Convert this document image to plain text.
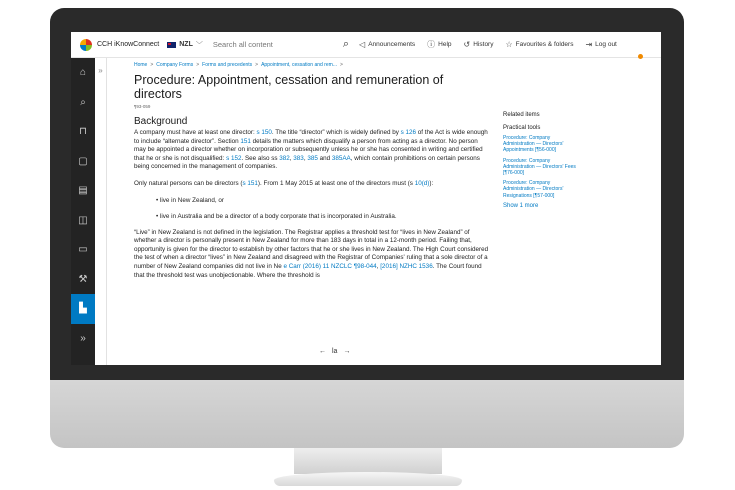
CCH iKnowConnect	NZL ﹀ Search all content	⌕ ◁ Announcements ⓘ Help ↺ History ☆ Favourites & folders ⇥ Log out
⌂
⌕
⊓
▢
▤
◫
▭
⚒
▙
»
»
Home > Company Forms > Forms and precedents > Appointment, cessation and rem... >
Procedure: Appointment, cessation and remuneration of directors
¶93-059
Background

A company must have at least one director: s 150. The title “director” which is widely defined by s 126 of the Act is wide enough to include “alternate director”. Section 151 details the matters which disqualify a person from acting as a director. No person may be appointed a director whether on incorporation or subsequently unless he or she has consented in writing and certified that he or she is not disqualified: s 152. See also ss 382, 383, 385 and 385AA, which contain prohibitions on certain persons being concerned in the management of companies.

Only natural persons can be directors (s 151). From 1 May 2015 at least one of the directors must (s 10(d)):

• live in New Zealand, or
• live in Australia and be a director of a body corporate that is incorporated in Australia.

“Live” in New Zealand is not defined in the legislation. The Registrar applies a threshold test for “lives in New Zealand” of whether a director is personally present in New Zealand for more than 183 days in total in a 12-month period. Failing that, opportunity is given for the director to establish by other factors that he or she lives in New Zealand. The High Court considered the test of when a director “lives” in New Zealand and disagreed with the Registrar of Companies' ruling that a sole director of a number of New Zealand companies did not live in Ne e Carr (2016) 11 NZCLC ¶98-044, [2016] NZHC 1536. The Court found that the threshold test was unobjectionable. Where the threshold is

← la →
Related items
Practical tools
Procedure: Company Administration — Directors' Appointments [¶56-000]
Procedure: Company Administration — Directors' Fees [¶76-000]
Procedure: Company Administration — Directors' Resignations [¶57-000]
Show 1 more
